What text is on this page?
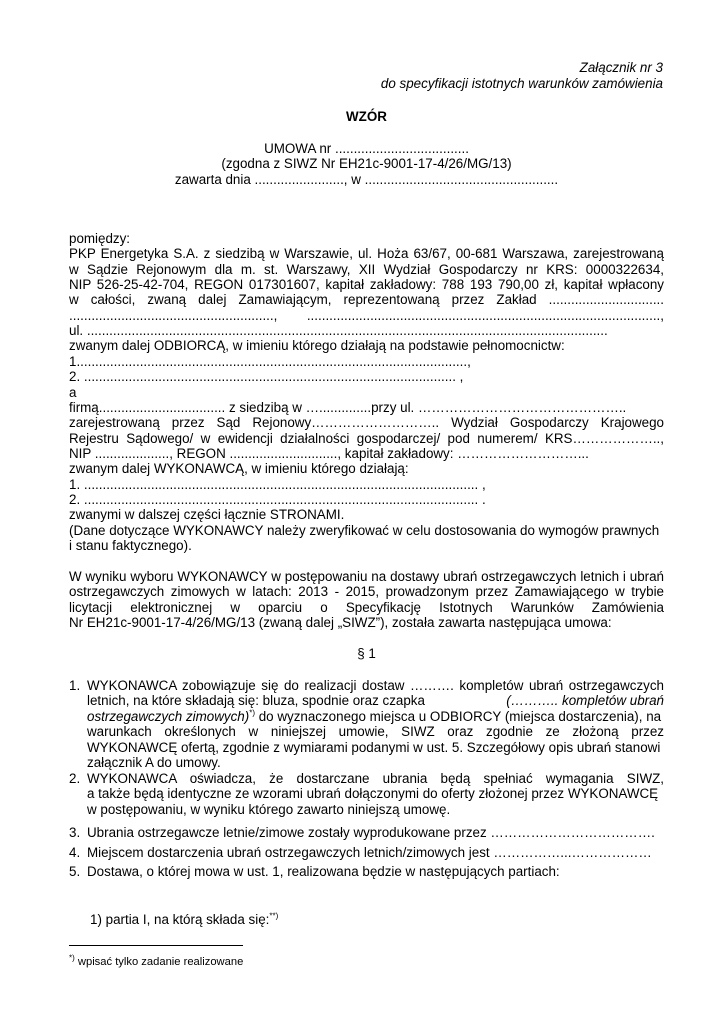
Załącznik nr 3
do specyfikacji istotnych warunków zamówienia
WZÓR
UMOWA nr ....................................
(zgodna z SIWZ Nr EH21c-9001-17-4/26/MG/13)
zawarta dnia ........................, w ....................................................
pomiędzy:
PKP Energetyka S.A. z siedzibą w Warszawie, ul. Hoża 63/67, 00-681 Warszawa, zarejestrowaną
w Sądzie Rejonowym dla m. st. Warszawy, XII Wydział Gospodarczy nr KRS: 0000322634,
NIP 526-25-42-704, REGON 017301607, kapitał zakładowy: 788 193 790,00 zł, kapitał wpłacony
w całości, zwaną dalej Zamawiającym, reprezentowaną przez Zakład ...............................
......................................................., ...............................................................................................,
ul. ............................................................................................................................................
zwanym dalej ODBIORCĄ, w imieniu którego działają na podstawie pełnomocnictw:
1.........................................................................................................,
2. .................................................................................................... ,
a
firmą.................................. z siedzibą w …..............przy ul. ………………………………………..
zarejestrowaną przez Sąd Rejonowy……………………….. Wydział Gospodarczy Krajowego
Rejestru Sądowego/ w ewidencji działalności gospodarczej/ pod numerem/ KRS………………..,
NIP ...................., REGON ............................., kapitał zakładowy: ………………………...
zwanym dalej WYKONAWCĄ, w imieniu którego działają:
1. .......................................................................................................... ,
2. .......................................................................................................... .
zwanymi w dalszej części łącznie STRONAMI.
(Dane dotyczące WYKONAWCY należy zweryfikować w celu dostosowania do wymogów prawnych
i stanu faktycznego).
W wyniku wyboru WYKONAWCY w postępowaniu na dostawy ubrań ostrzegawczych letnich i ubrań
ostrzegawczych zimowych w latach: 2013 - 2015, prowadzonym przez Zamawiającego w trybie
licytacji elektronicznej w oparciu o Specyfikację Istotnych Warunków Zamówienia
Nr EH21c-9001-17-4/26/MG/13 (zwaną dalej „SIWZ”), została zawarta następująca umowa:
§ 1
1. WYKONAWCA zobowiązuje się do realizacji dostaw ………. kompletów ubrań ostrzegawczych
letnich, na które składają się: bluza, spodnie oraz czapka	(……….. kompletów ubrań
ostrzegawczych zimowych)*) do wyznaczonego miejsca u ODBIORCY (miejsca dostarczenia), na
warunkach określonych w niniejszej umowie, SIWZ oraz zgodnie ze złożoną przez
WYKONAWCĘ ofertą, zgodnie z wymiarami podanymi w ust. 5. Szczegółowy opis ubrań stanowi
załącznik A do umowy.
2. WYKONAWCA oświadcza, że dostarczane ubrania będą spełniać wymagania SIWZ,
a także będą identyczne ze wzorami ubrań dołączonymi do oferty złożonej przez WYKONAWCĘ
w postępowaniu, w wyniku którego zawarto niniejszą umowę.
3. Ubrania ostrzegawcze letnie/zimowe zostały wyprodukowane przez ……………………………….
4. Miejscem dostarczenia ubrań ostrzegawczych letnich/zimowych jest ……………...………………
5. Dostawa, o której mowa w ust. 1, realizowana będzie w następujących partiach:
1) partia I, na którą składa się:**)
*) wpisać tylko zadanie realizowane
